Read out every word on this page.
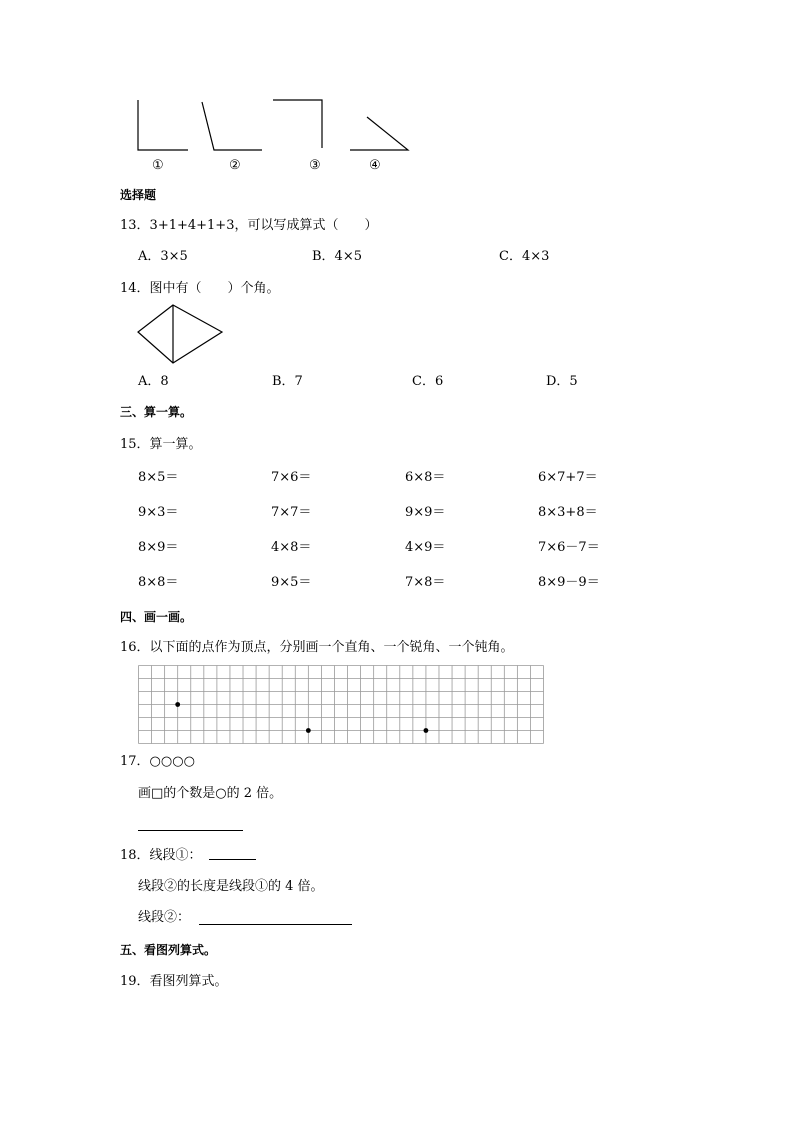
①	②	③	④
选择题
13．3+1+4+1+3，可以写成算式（　　）
A．3×5	B．4×5	C．4×3
14．图中有（　　）个角。
A．8	B．7	C．6	D．5
三、算一算。
15．算一算。
8×5＝	7×6＝	6×8＝	6×7+7＝
9×3＝	7×7＝	9×9＝	8×3+8＝
8×9＝	4×8＝	4×9＝	7×6－7＝
8×8＝	9×5＝	7×8＝	8×9－9＝
四、画一画。
16．以下面的点作为顶点，分别画一个直角、一个锐角、一个钝角。
17．○○○○
画□的个数是○的 2 倍。
18．线段①：
线段②的长度是线段①的 4 倍。
线段②：
五、看图列算式。
19．看图列算式。
